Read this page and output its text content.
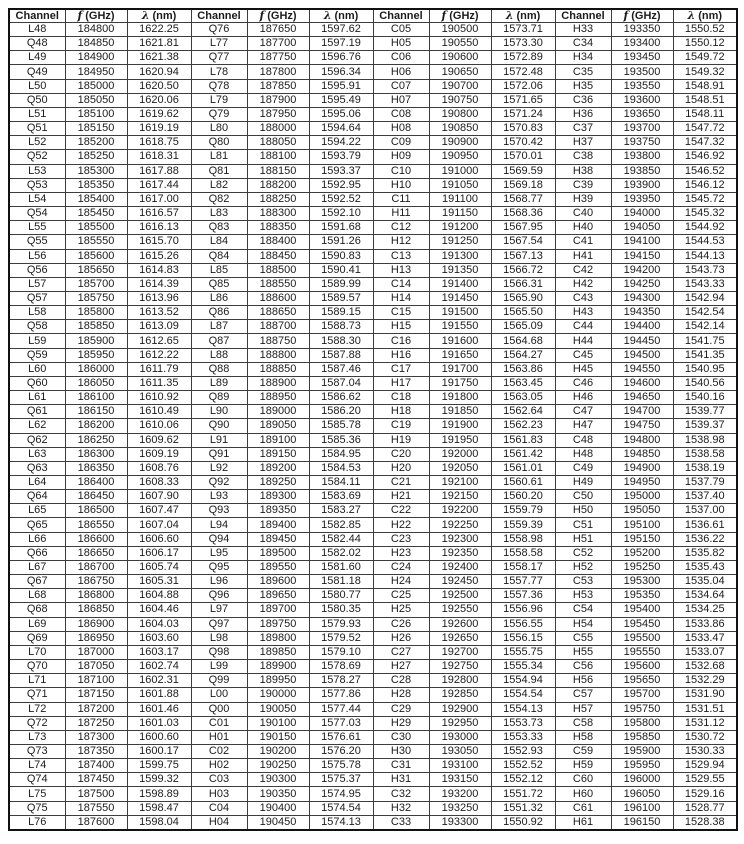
Channel	f (GHz)	λ (nm)	Channel	f (GHz)	λ (nm)	Channel	f (GHz)	λ (nm)	Channel	f (GHz)	λ (nm)
L48	184800	1622.25	Q76	187650	1597.62	C05	190500	1573.71	H33	193350	1550.52
Q48	184850	1621.81	L77	187700	1597.19	H05	190550	1573.30	C34	193400	1550.12
L49	184900	1621.38	Q77	187750	1596.76	C06	190600	1572.89	H34	193450	1549.72
Q49	184950	1620.94	L78	187800	1596.34	H06	190650	1572.48	C35	193500	1549.32
L50	185000	1620.50	Q78	187850	1595.91	C07	190700	1572.06	H35	193550	1548.91
Q50	185050	1620.06	L79	187900	1595.49	H07	190750	1571.65	C36	193600	1548.51
L51	185100	1619.62	Q79	187950	1595.06	C08	190800	1571.24	H36	193650	1548.11
Q51	185150	1619.19	L80	188000	1594.64	H08	190850	1570.83	C37	193700	1547.72
L52	185200	1618.75	Q80	188050	1594.22	C09	190900	1570.42	H37	193750	1547.32
Q52	185250	1618.31	L81	188100	1593.79	H09	190950	1570.01	C38	193800	1546.92
L53	185300	1617.88	Q81	188150	1593.37	C10	191000	1569.59	H38	193850	1546.52
Q53	185350	1617.44	L82	188200	1592.95	H10	191050	1569.18	C39	193900	1546.12
L54	185400	1617.00	Q82	188250	1592.52	C11	191100	1568.77	H39	193950	1545.72
Q54	185450	1616.57	L83	188300	1592.10	H11	191150	1568.36	C40	194000	1545.32
L55	185500	1616.13	Q83	188350	1591.68	C12	191200	1567.95	H40	194050	1544.92
Q55	185550	1615.70	L84	188400	1591.26	H12	191250	1567.54	C41	194100	1544.53
L56	185600	1615.26	Q84	188450	1590.83	C13	191300	1567.13	H41	194150	1544.13
Q56	185650	1614.83	L85	188500	1590.41	H13	191350	1566.72	C42	194200	1543.73
L57	185700	1614.39	Q85	188550	1589.99	C14	191400	1566.31	H42	194250	1543.33
Q57	185750	1613.96	L86	188600	1589.57	H14	191450	1565.90	C43	194300	1542.94
L58	185800	1613.52	Q86	188650	1589.15	C15	191500	1565.50	H43	194350	1542.54
Q58	185850	1613.09	L87	188700	1588.73	H15	191550	1565.09	C44	194400	1542.14
L59	185900	1612.65	Q87	188750	1588.30	C16	191600	1564.68	H44	194450	1541.75
Q59	185950	1612.22	L88	188800	1587.88	H16	191650	1564.27	C45	194500	1541.35
L60	186000	1611.79	Q88	188850	1587.46	C17	191700	1563.86	H45	194550	1540.95
Q60	186050	1611.35	L89	188900	1587.04	H17	191750	1563.45	C46	194600	1540.56
L61	186100	1610.92	Q89	188950	1586.62	C18	191800	1563.05	H46	194650	1540.16
Q61	186150	1610.49	L90	189000	1586.20	H18	191850	1562.64	C47	194700	1539.77
L62	186200	1610.06	Q90	189050	1585.78	C19	191900	1562.23	H47	194750	1539.37
Q62	186250	1609.62	L91	189100	1585.36	H19	191950	1561.83	C48	194800	1538.98
L63	186300	1609.19	Q91	189150	1584.95	C20	192000	1561.42	H48	194850	1538.58
Q63	186350	1608.76	L92	189200	1584.53	H20	192050	1561.01	C49	194900	1538.19
L64	186400	1608.33	Q92	189250	1584.11	C21	192100	1560.61	H49	194950	1537.79
Q64	186450	1607.90	L93	189300	1583.69	H21	192150	1560.20	C50	195000	1537.40
L65	186500	1607.47	Q93	189350	1583.27	C22	192200	1559.79	H50	195050	1537.00
Q65	186550	1607.04	L94	189400	1582.85	H22	192250	1559.39	C51	195100	1536.61
L66	186600	1606.60	Q94	189450	1582.44	C23	192300	1558.98	H51	195150	1536.22
Q66	186650	1606.17	L95	189500	1582.02	H23	192350	1558.58	C52	195200	1535.82
L67	186700	1605.74	Q95	189550	1581.60	C24	192400	1558.17	H52	195250	1535.43
Q67	186750	1605.31	L96	189600	1581.18	H24	192450	1557.77	C53	195300	1535.04
L68	186800	1604.88	Q96	189650	1580.77	C25	192500	1557.36	H53	195350	1534.64
Q68	186850	1604.46	L97	189700	1580.35	H25	192550	1556.96	C54	195400	1534.25
L69	186900	1604.03	Q97	189750	1579.93	C26	192600	1556.55	H54	195450	1533.86
Q69	186950	1603.60	L98	189800	1579.52	H26	192650	1556.15	C55	195500	1533.47
L70	187000	1603.17	Q98	189850	1579.10	C27	192700	1555.75	H55	195550	1533.07
Q70	187050	1602.74	L99	189900	1578.69	H27	192750	1555.34	C56	195600	1532.68
L71	187100	1602.31	Q99	189950	1578.27	C28	192800	1554.94	H56	195650	1532.29
Q71	187150	1601.88	L00	190000	1577.86	H28	192850	1554.54	C57	195700	1531.90
L72	187200	1601.46	Q00	190050	1577.44	C29	192900	1554.13	H57	195750	1531.51
Q72	187250	1601.03	C01	190100	1577.03	H29	192950	1553.73	C58	195800	1531.12
L73	187300	1600.60	H01	190150	1576.61	C30	193000	1553.33	H58	195850	1530.72
Q73	187350	1600.17	C02	190200	1576.20	H30	193050	1552.93	C59	195900	1530.33
L74	187400	1599.75	H02	190250	1575.78	C31	193100	1552.52	H59	195950	1529.94
Q74	187450	1599.32	C03	190300	1575.37	H31	193150	1552.12	C60	196000	1529.55
L75	187500	1598.89	H03	190350	1574.95	C32	193200	1551.72	H60	196050	1529.16
Q75	187550	1598.47	C04	190400	1574.54	H32	193250	1551.32	C61	196100	1528.77
L76	187600	1598.04	H04	190450	1574.13	C33	193300	1550.92	H61	196150	1528.38
